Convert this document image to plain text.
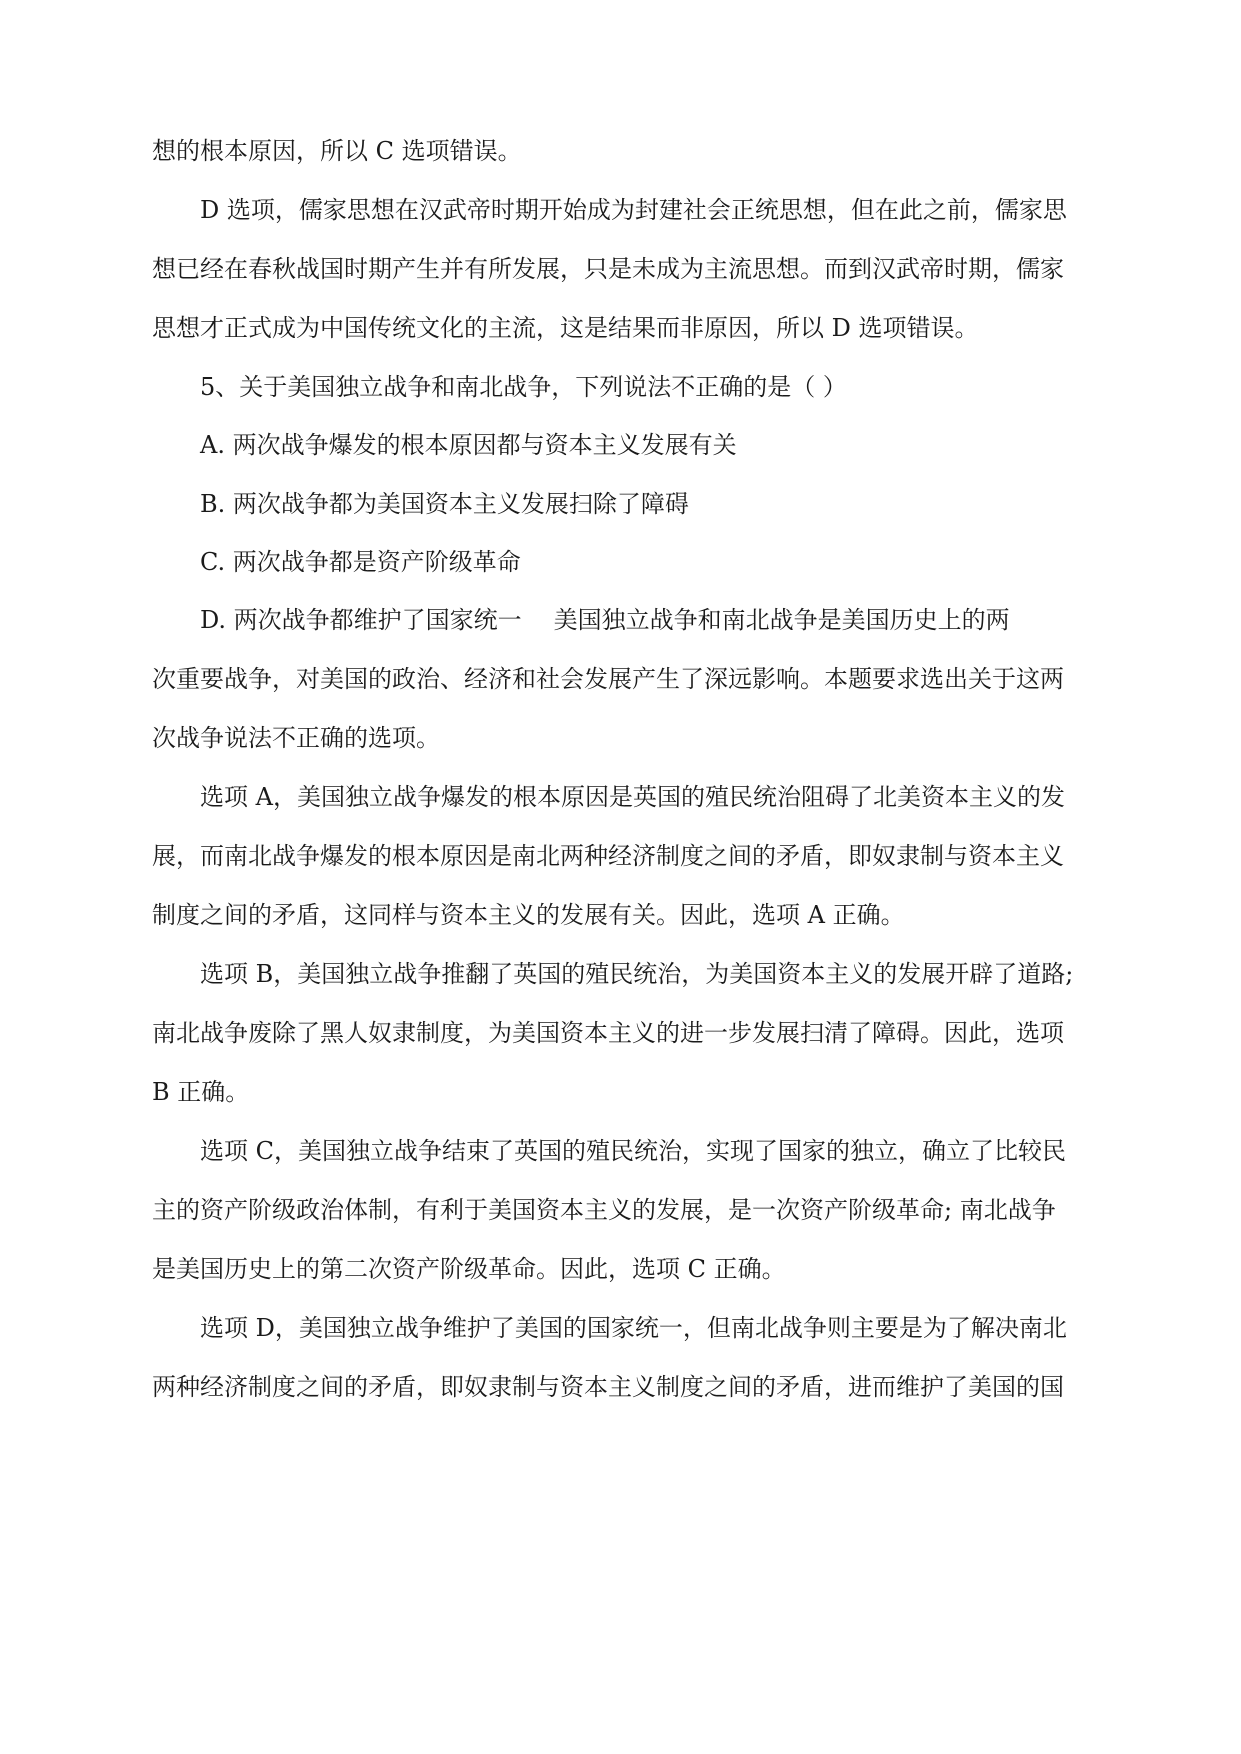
想的根本原因，所以 C 选项错误。

D 选项，儒家思想在汉武帝时期开始成为封建社会正统思想，但在此之前，儒家思

想已经在春秋战国时期产生并有所发展，只是未成为主流思想。而到汉武帝时期，儒家

思想才正式成为中国传统文化的主流，这是结果而非原因，所以 D 选项错误。

5、关于美国独立战争和南北战争，下列说法不正确的是（ ）

A. 两次战争爆发的根本原因都与资本主义发展有关

B. 两次战争都为美国资本主义发展扫除了障碍

C. 两次战争都是资产阶级革命

D. 两次战争都维护了国家统一 美国独立战争和南北战争是美国历史上的两

次重要战争，对美国的政治、经济和社会发展产生了深远影响。本题要求选出关于这两

次战争说法不正确的选项。

选项 A，美国独立战争爆发的根本原因是英国的殖民统治阻碍了北美资本主义的发

展，而南北战争爆发的根本原因是南北两种经济制度之间的矛盾，即奴隶制与资本主义

制度之间的矛盾，这同样与资本主义的发展有关。因此，选项 A 正确。

选项 B，美国独立战争推翻了英国的殖民统治，为美国资本主义的发展开辟了道路;

南北战争废除了黑人奴隶制度，为美国资本主义的进一步发展扫清了障碍。因此，选项

B 正确。

选项 C，美国独立战争结束了英国的殖民统治，实现了国家的独立，确立了比较民

主的资产阶级政治体制，有利于美国资本主义的发展，是一次资产阶级革命; 南北战争

是美国历史上的第二次资产阶级革命。因此，选项 C 正确。

选项 D，美国独立战争维护了美国的国家统一，但南北战争则主要是为了解决南北

两种经济制度之间的矛盾，即奴隶制与资本主义制度之间的矛盾，进而维护了美国的国
